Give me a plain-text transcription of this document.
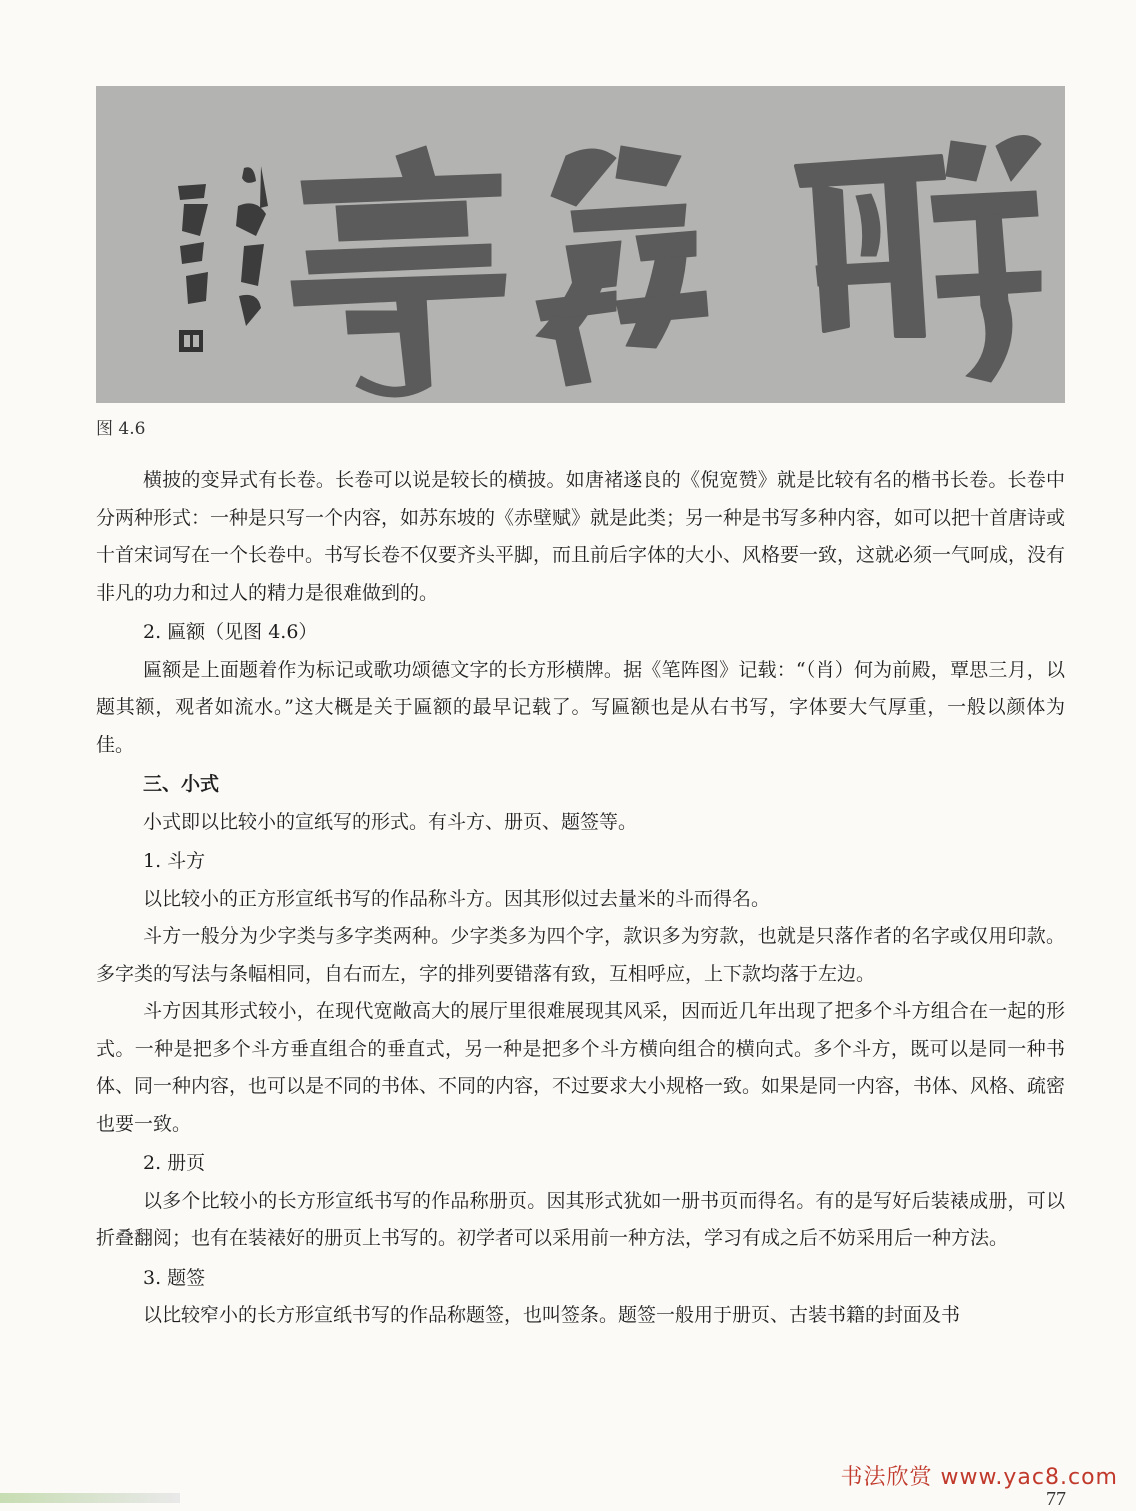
图 4.6

横披的变异式有长卷。长卷可以说是较长的横披。如唐褚遂良的《倪宽赞》就是比较有名的楷书长卷。长卷中分两种形式：一种是只写一个内容，如苏东坡的《赤壁赋》就是此类；另一种是书写多种内容，如可以把十首唐诗或十首宋词写在一个长卷中。书写长卷不仅要齐头平脚，而且前后字体的大小、风格要一致，这就必须一气呵成，没有非凡的功力和过人的精力是很难做到的。

2. 匾额（见图 4.6）

匾额是上面题着作为标记或歌功颂德文字的长方形横牌。据《笔阵图》记载：“（肖）何为前殿，覃思三月，以题其额，观者如流水。”这大概是关于匾额的最早记载了。写匾额也是从右书写，字体要大气厚重，一般以颜体为佳。

三、小式

小式即以比较小的宣纸写的形式。有斗方、册页、题签等。

1. 斗方

以比较小的正方形宣纸书写的作品称斗方。因其形似过去量米的斗而得名。

斗方一般分为少字类与多字类两种。少字类多为四个字，款识多为穷款，也就是只落作者的名字或仅用印款。多字类的写法与条幅相同，自右而左，字的排列要错落有致，互相呼应，上下款均落于左边。

斗方因其形式较小，在现代宽敞高大的展厅里很难展现其风采，因而近几年出现了把多个斗方组合在一起的形式。一种是把多个斗方垂直组合的垂直式，另一种是把多个斗方横向组合的横向式。多个斗方，既可以是同一种书体、同一种内容，也可以是不同的书体、不同的内容，不过要求大小规格一致。如果是同一内容，书体、风格、疏密也要一致。

2. 册页

以多个比较小的长方形宣纸书写的作品称册页。因其形式犹如一册书页而得名。有的是写好后装裱成册，可以折叠翻阅；也有在装裱好的册页上书写的。初学者可以采用前一种方法，学习有成之后不妨采用后一种方法。

3. 题签

以比较窄小的长方形宣纸书写的作品称题签，也叫签条。题签一般用于册页、古装书籍的封面及书

书法欣赏 www.yac8.com
77
